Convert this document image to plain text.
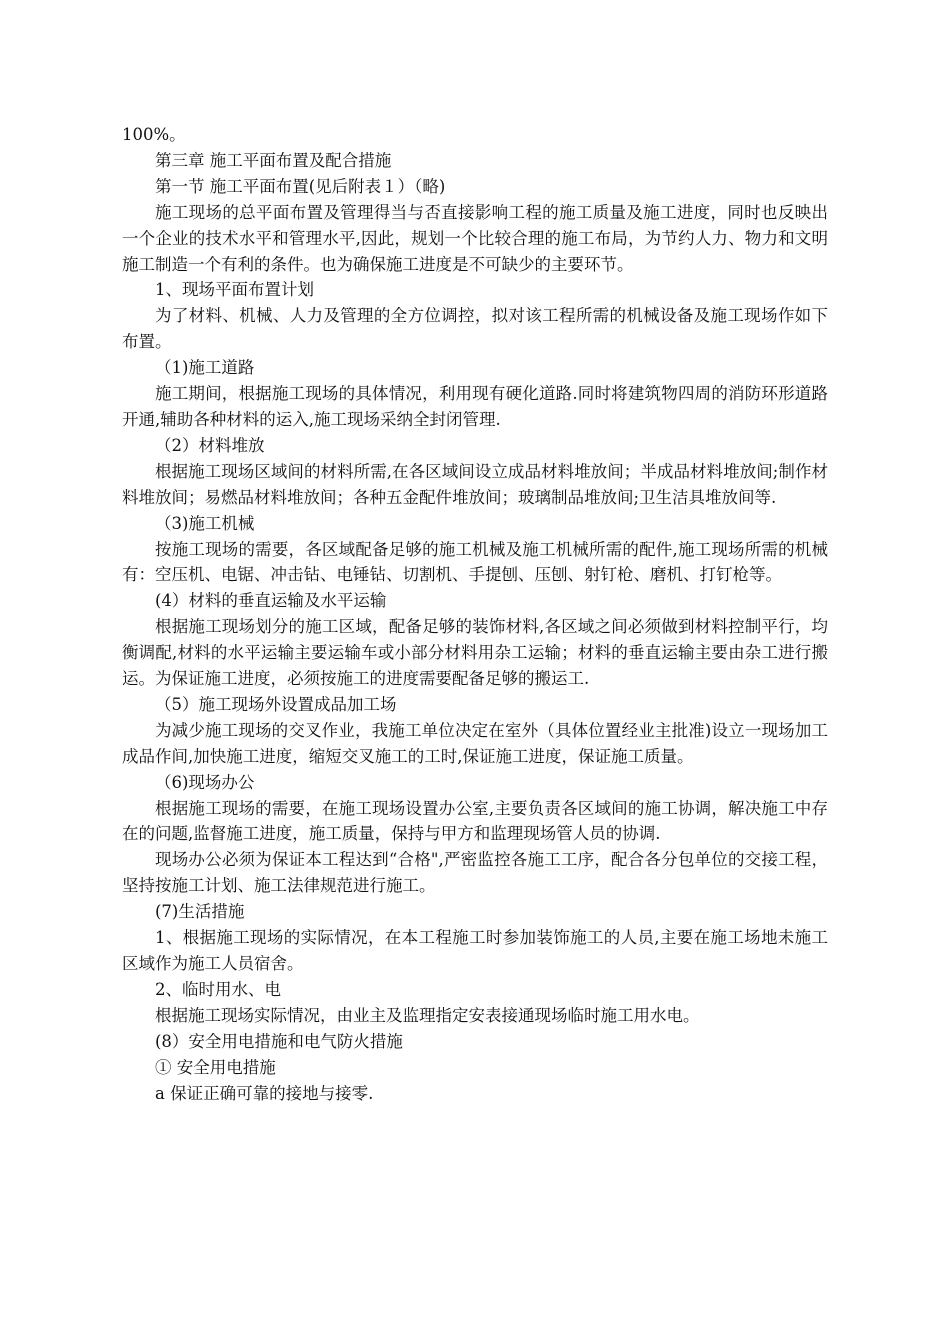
100%。

第三章 施工平面布置及配合措施

第一节 施工平面布置(见后附表１）（略)

施工现场的总平面布置及管理得当与否直接影响工程的施工质量及施工进度，同时也反映出一个企业的技术水平和管理水平,因此，规划一个比较合理的施工布局，为节约人力、物力和文明施工制造一个有利的条件。也为确保施工进度是不可缺少的主要环节。

1、现场平面布置计划

为了材料、机械、人力及管理的全方位调控，拟对该工程所需的机械设备及施工现场作如下布置。

（1)施工道路

施工期间，根据施工现场的具体情况，利用现有硬化道路.同时将建筑物四周的消防环形道路开通,辅助各种材料的运入,施工现场采纳全封闭管理.

（2）材料堆放

根据施工现场区域间的材料所需,在各区域间设立成品材料堆放间；半成品材料堆放间;制作材料堆放间；易燃品材料堆放间；各种五金配件堆放间；玻璃制品堆放间;卫生洁具堆放间等.

（3)施工机械

按施工现场的需要，各区域配备足够的施工机械及施工机械所需的配件,施工现场所需的机械有：空压机、电锯、冲击钻、电锤钻、切割机、手提刨、压刨、射钉枪、磨机、打钉枪等。

(4）材料的垂直运输及水平运输

根据施工现场划分的施工区域，配备足够的装饰材料,各区域之间必须做到材料控制平行，均衡调配,材料的水平运输主要运输车或小部分材料用杂工运输；材料的垂直运输主要由杂工进行搬运。为保证施工进度，必须按施工的进度需要配备足够的搬运工.

（5）施工现场外设置成品加工场

为减少施工现场的交叉作业，我施工单位决定在室外（具体位置经业主批准)设立一现场加工成品作间,加快施工进度，缩短交叉施工的工时,保证施工进度，保证施工质量。

（6)现场办公

根据施工现场的需要，在施工现场设置办公室,主要负责各区域间的施工协调，解决施工中存在的问题,监督施工进度，施工质量，保持与甲方和监理现场管人员的协调.

现场办公必须为保证本工程达到“合格",严密监控各施工工序，配合各分包单位的交接工程，坚持按施工计划、施工法律规范进行施工。

(7)生活措施

1、根据施工现场的实际情况，在本工程施工时参加装饰施工的人员,主要在施工场地未施工区域作为施工人员宿舍。

2、临时用水、电

根据施工现场实际情况，由业主及监理指定安表接通现场临时施工用水电。

(8）安全用电措施和电气防火措施

① 安全用电措施

a 保证正确可靠的接地与接零.
